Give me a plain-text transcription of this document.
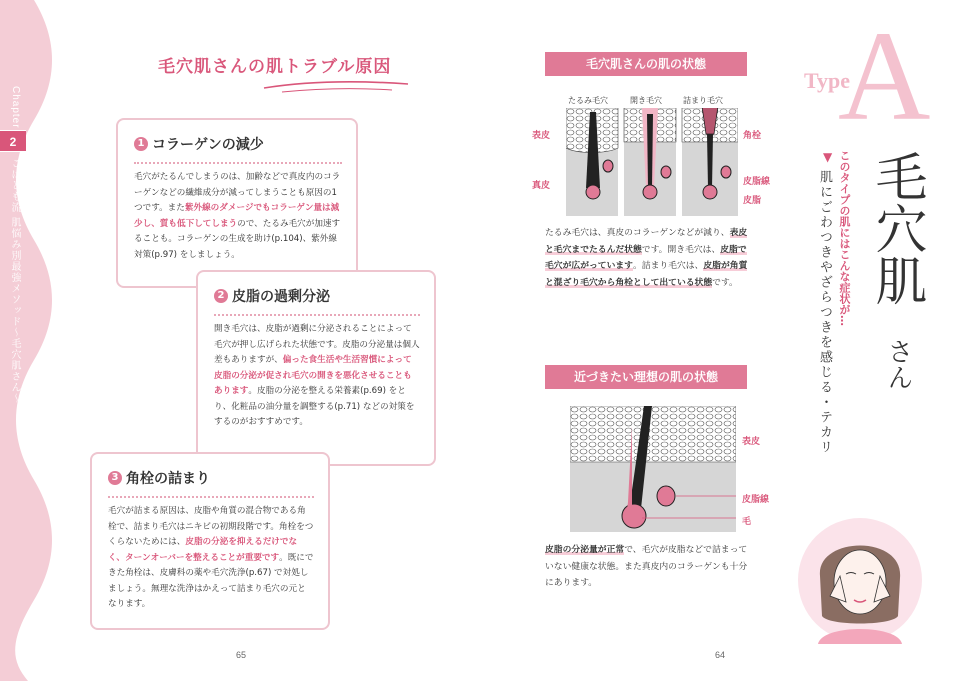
Chapter
2
こばとも流 肌悩み別最強メソッド〜毛穴肌さん〜
毛穴肌さんの肌トラブル原因
1 コラーゲンの減少
毛穴がたるんでしまうのは、加齢などで真皮内のコラーゲンなどの繊維成分が減ってしまうことも原因の1つです。また紫外線のダメージでもコラーゲン量は減少し、質も低下してしまうので、たるみ毛穴が加速することも。コラーゲンの生成を助け(p.104)、紫外線対策(p.97) をしましょう。
2 皮脂の過剰分泌
開き毛穴は、皮脂が過剰に分泌されることによって毛穴が押し広げられた状態です。皮脂の分泌量は個人差もありますが、偏った食生活や生活習慣によって皮脂の分泌が促され毛穴の開きを悪化させることもあります。皮脂の分泌を整える栄養素(p.69) をとり、化粧品の油分量を調整する(p.71) などの対策をするのがおすすめです。
3 角栓の詰まり
毛穴が詰まる原因は、皮脂や角質の混合物である角栓で、詰まり毛穴はニキビの初期段階です。角栓をつくらないためには、皮脂の分泌を抑えるだけでなく、ターンオーバーを整えることが重要です。既にできた角栓は、皮膚科の薬や毛穴洗浄(p.67) で対処しましょう。無理な洗浄はかえって詰まり毛穴の元となります。
65
毛穴肌さんの肌の状態
たるみ毛穴	開き毛穴	詰まり毛穴
表皮
真皮
角栓
皮脂線
皮脂
たるみ毛穴は、真皮のコラーゲンなどが減り、表皮と毛穴までたるんだ状態です。開き毛穴は、皮脂で毛穴が広がっています。詰まり毛穴は、皮脂が角質と混ざり毛穴から角栓として出ている状態です。
近づきたい理想の肌の状態
表皮
皮脂線
毛
皮脂の分泌量が正常で、毛穴が皮脂などで詰まっていない健康な状態。また真皮内のコラーゲンも十分にあります。
64
Type
A
毛穴肌
さん
▼ このタイプの肌にはこんな症状が…
肌にごわつきやざらつきを感じる・テカリ
